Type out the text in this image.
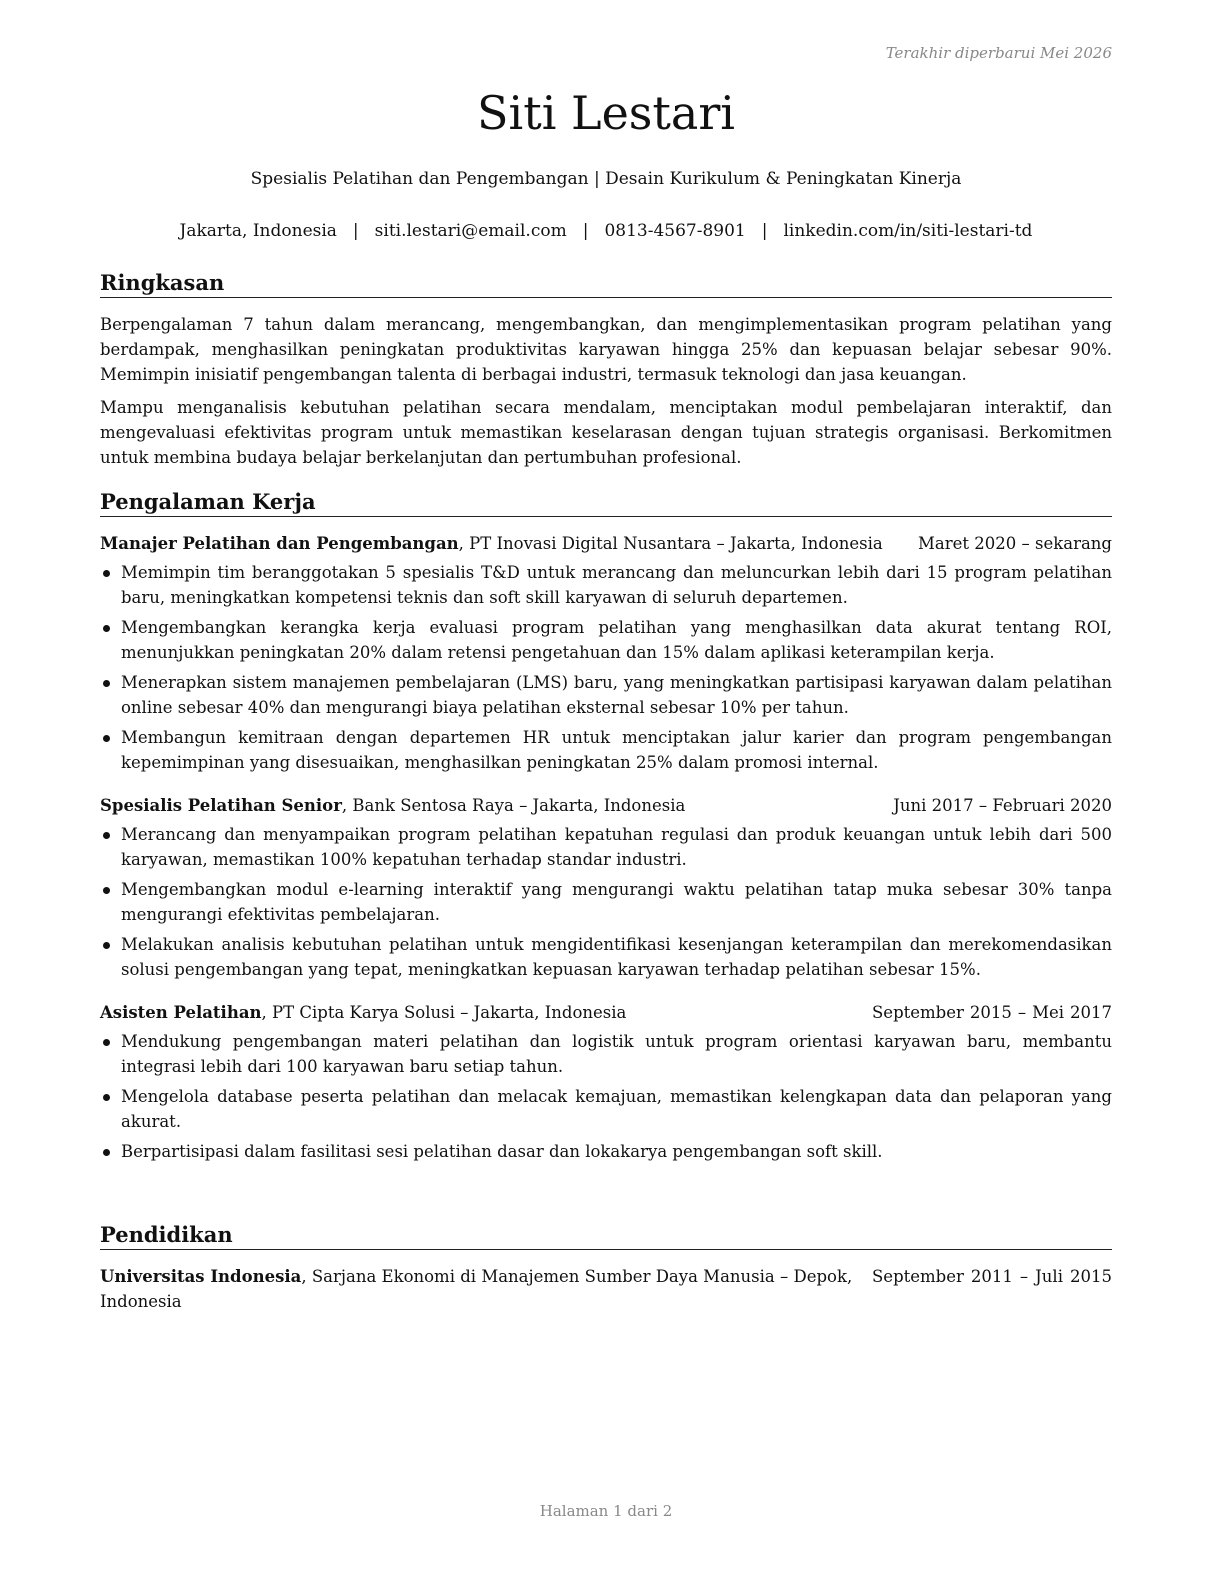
Terakhir diperbarui Mei 2026
Siti Lestari
Spesialis Pelatihan dan Pengembangan | Desain Kurikulum & Peningkatan Kinerja
Jakarta, Indonesia | siti.lestari@email.com | 0813-4567-8901 | linkedin.com/in/siti-lestari-td
Ringkasan

Berpengalaman 7 tahun dalam merancang, mengembangkan, dan mengimplementasikan program pelatihan yang berdampak, menghasilkan peningkatan produktivitas karyawan hingga 25% dan kepuasan belajar sebesar 90%. Memimpin inisiatif pengembangan talenta di berbagai industri, termasuk teknologi dan jasa keuangan.

Mampu menganalisis kebutuhan pelatihan secara mendalam, menciptakan modul pembelajaran interaktif, dan mengevaluasi efektivitas program untuk memastikan keselarasan dengan tujuan strategis organisasi. Berkomitmen untuk membina budaya belajar berkelanjutan dan pertumbuhan profesional.

Pengalaman Kerja
Manajer Pelatihan dan Pengembangan, PT Inovasi Digital Nusantara – Jakarta, Indonesia	Maret 2020 – sekarang
Memimpin tim beranggotakan 5 spesialis T&D untuk merancang dan meluncurkan lebih dari 15 program pelatihan baru, meningkatkan kompetensi teknis dan soft skill karyawan di seluruh departemen.
Mengembangkan kerangka kerja evaluasi program pelatihan yang menghasilkan data akurat tentang ROI, menunjukkan peningkatan 20% dalam retensi pengetahuan dan 15% dalam aplikasi keterampilan kerja.
Menerapkan sistem manajemen pembelajaran (LMS) baru, yang meningkatkan partisipasi karyawan dalam pelatihan online sebesar 40% dan mengurangi biaya pelatihan eksternal sebesar 10% per tahun.
Membangun kemitraan dengan departemen HR untuk menciptakan jalur karier dan program pengembangan kepemimpinan yang disesuaikan, menghasilkan peningkatan 25% dalam promosi internal.
Spesialis Pelatihan Senior, Bank Sentosa Raya – Jakarta, Indonesia	Juni 2017 – Februari 2020
Merancang dan menyampaikan program pelatihan kepatuhan regulasi dan produk keuangan untuk lebih dari 500 karyawan, memastikan 100% kepatuhan terhadap standar industri.
Mengembangkan modul e-learning interaktif yang mengurangi waktu pelatihan tatap muka sebesar 30% tanpa mengurangi efektivitas pembelajaran.
Melakukan analisis kebutuhan pelatihan untuk mengidentifikasi kesenjangan keterampilan dan merekomendasikan solusi pengembangan yang tepat, meningkatkan kepuasan karyawan terhadap pelatihan sebesar 15%.
Asisten Pelatihan, PT Cipta Karya Solusi – Jakarta, Indonesia	September 2015 – Mei 2017
Mendukung pengembangan materi pelatihan dan logistik untuk program orientasi karyawan baru, membantu integrasi lebih dari 100 karyawan baru setiap tahun.
Mengelola database peserta pelatihan dan melacak kemajuan, memastikan kelengkapan data dan pelaporan yang akurat.
Berpartisipasi dalam fasilitasi sesi pelatihan dasar dan lokakarya pengembangan soft skill.
Pendidikan
Universitas Indonesia, Sarjana Ekonomi di Manajemen Sumber Daya Manusia – Depok, Indonesia
September 2011 – Juli 2015
Halaman 1 dari 2
